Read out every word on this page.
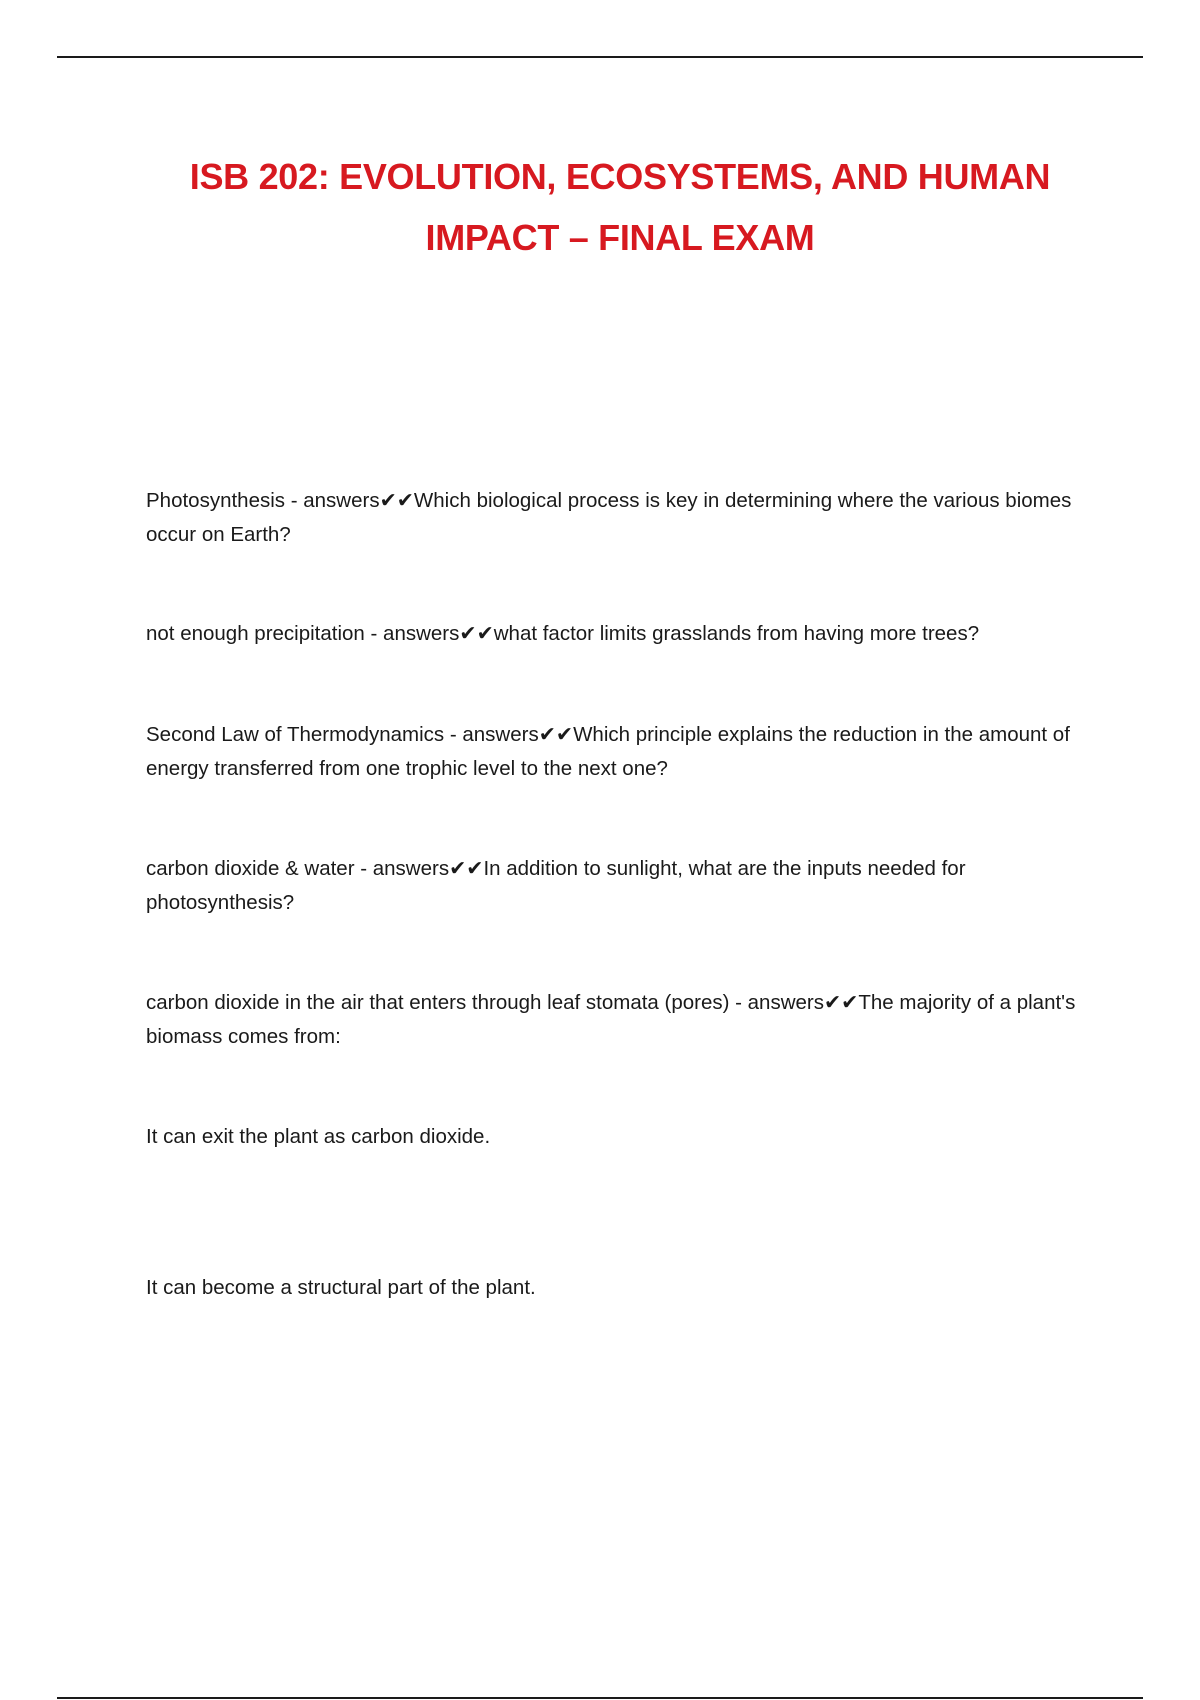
ISB 202: EVOLUTION, ECOSYSTEMS, AND HUMAN
IMPACT – FINAL EXAM

Photosynthesis - answers✔✔Which biological process is key in determining where the various biomes occur on Earth?

not enough precipitation - answers✔✔what factor limits grasslands from having more trees?

Second Law of Thermodynamics - answers✔✔Which principle explains the reduction in the amount of energy transferred from one trophic level to the next one?

carbon dioxide & water - answers✔✔In addition to sunlight, what are the inputs needed for photosynthesis?

carbon dioxide in the air that enters through leaf stomata (pores) - answers✔✔The majority of a plant's biomass comes from:

It can exit the plant as carbon dioxide.

It can become a structural part of the plant.
